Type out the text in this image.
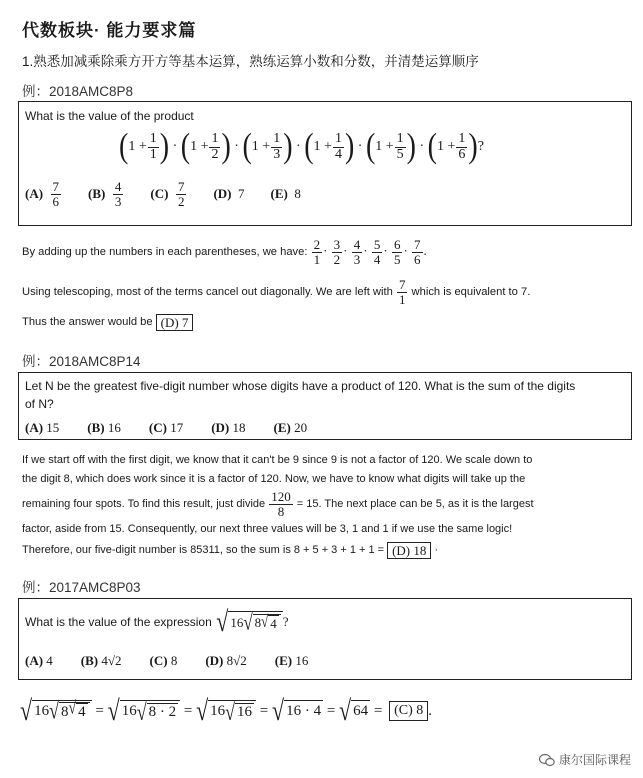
代数板块· 能力要求篇
1.熟悉加减乘除乘方开方等基本运算，熟练运算小数和分数，并清楚运算顺序
例：2018AMC8P8
What is the value of the product
( $1 + \frac{1}{1}$ ) · ( $1 + \frac{1}{2}$ ) · ( $1 + \frac{1}{3}$ ) · ( $1 + \frac{1}{4}$ ) · ( $1 + \frac{1}{5}$ ) · ( $1 + \frac{1}{6}$ ) ?
(A)
$\frac{7}{6} (B)$
$\frac{4}{3} (C)$
$\frac{7}{2} (D)$
7 (E)
8
By adding up the numbers in each parentheses, we have:
$\frac{2}{1} \cdot \frac{3}{2} \cdot \frac{4}{3} \cdot \frac{5}{4} \cdot \frac{6}{5} \cdot \frac{7}{6}$ .
Using telescoping, most of the terms cancel out diagonally. We are left with
$\frac{7}{1}$
which is equivalent to 7.
Thus the answer would be (D) 7
例：2018AMC8P14
Let N be the greatest five-digit number whose digits have a product of 120. What is the sum of the digits
of N?
(A)
15 (B)
16 (C)
17 (D)
18 (E)
20
If we start off with the first digit, we know that it can't be 9 since 9 is not a factor of 120. We scale down to
the digit 8, which does work since it is a factor of 120. Now, we have to know what digits will take up the
remaining four spots. To find this result, just divide
$\frac{120}{8}$
= 15. The next place can be 5, as it is the largest
factor, aside from 15. Consequently, our next three values will be 3, 1 and 1 if we use the same logic!
Therefore, our five-digit number is 85311, so the sum is 8 + 5 + 3 + 1 + 1 = (D) 18 ·
例：2017AMC8P03
What is the value of the expression
√ 16 √ 8 √ 4 ?
(A)
4 (B)
4√2 (C)
8 (D)
8√2 (E)
16
√ 16 √ 8 √ 4 = √ 16 √ 8 · 2 = √ 16 √ 16 = √ 16 · 4 = √ 64 = (C) 8 .
康尔国际课程
